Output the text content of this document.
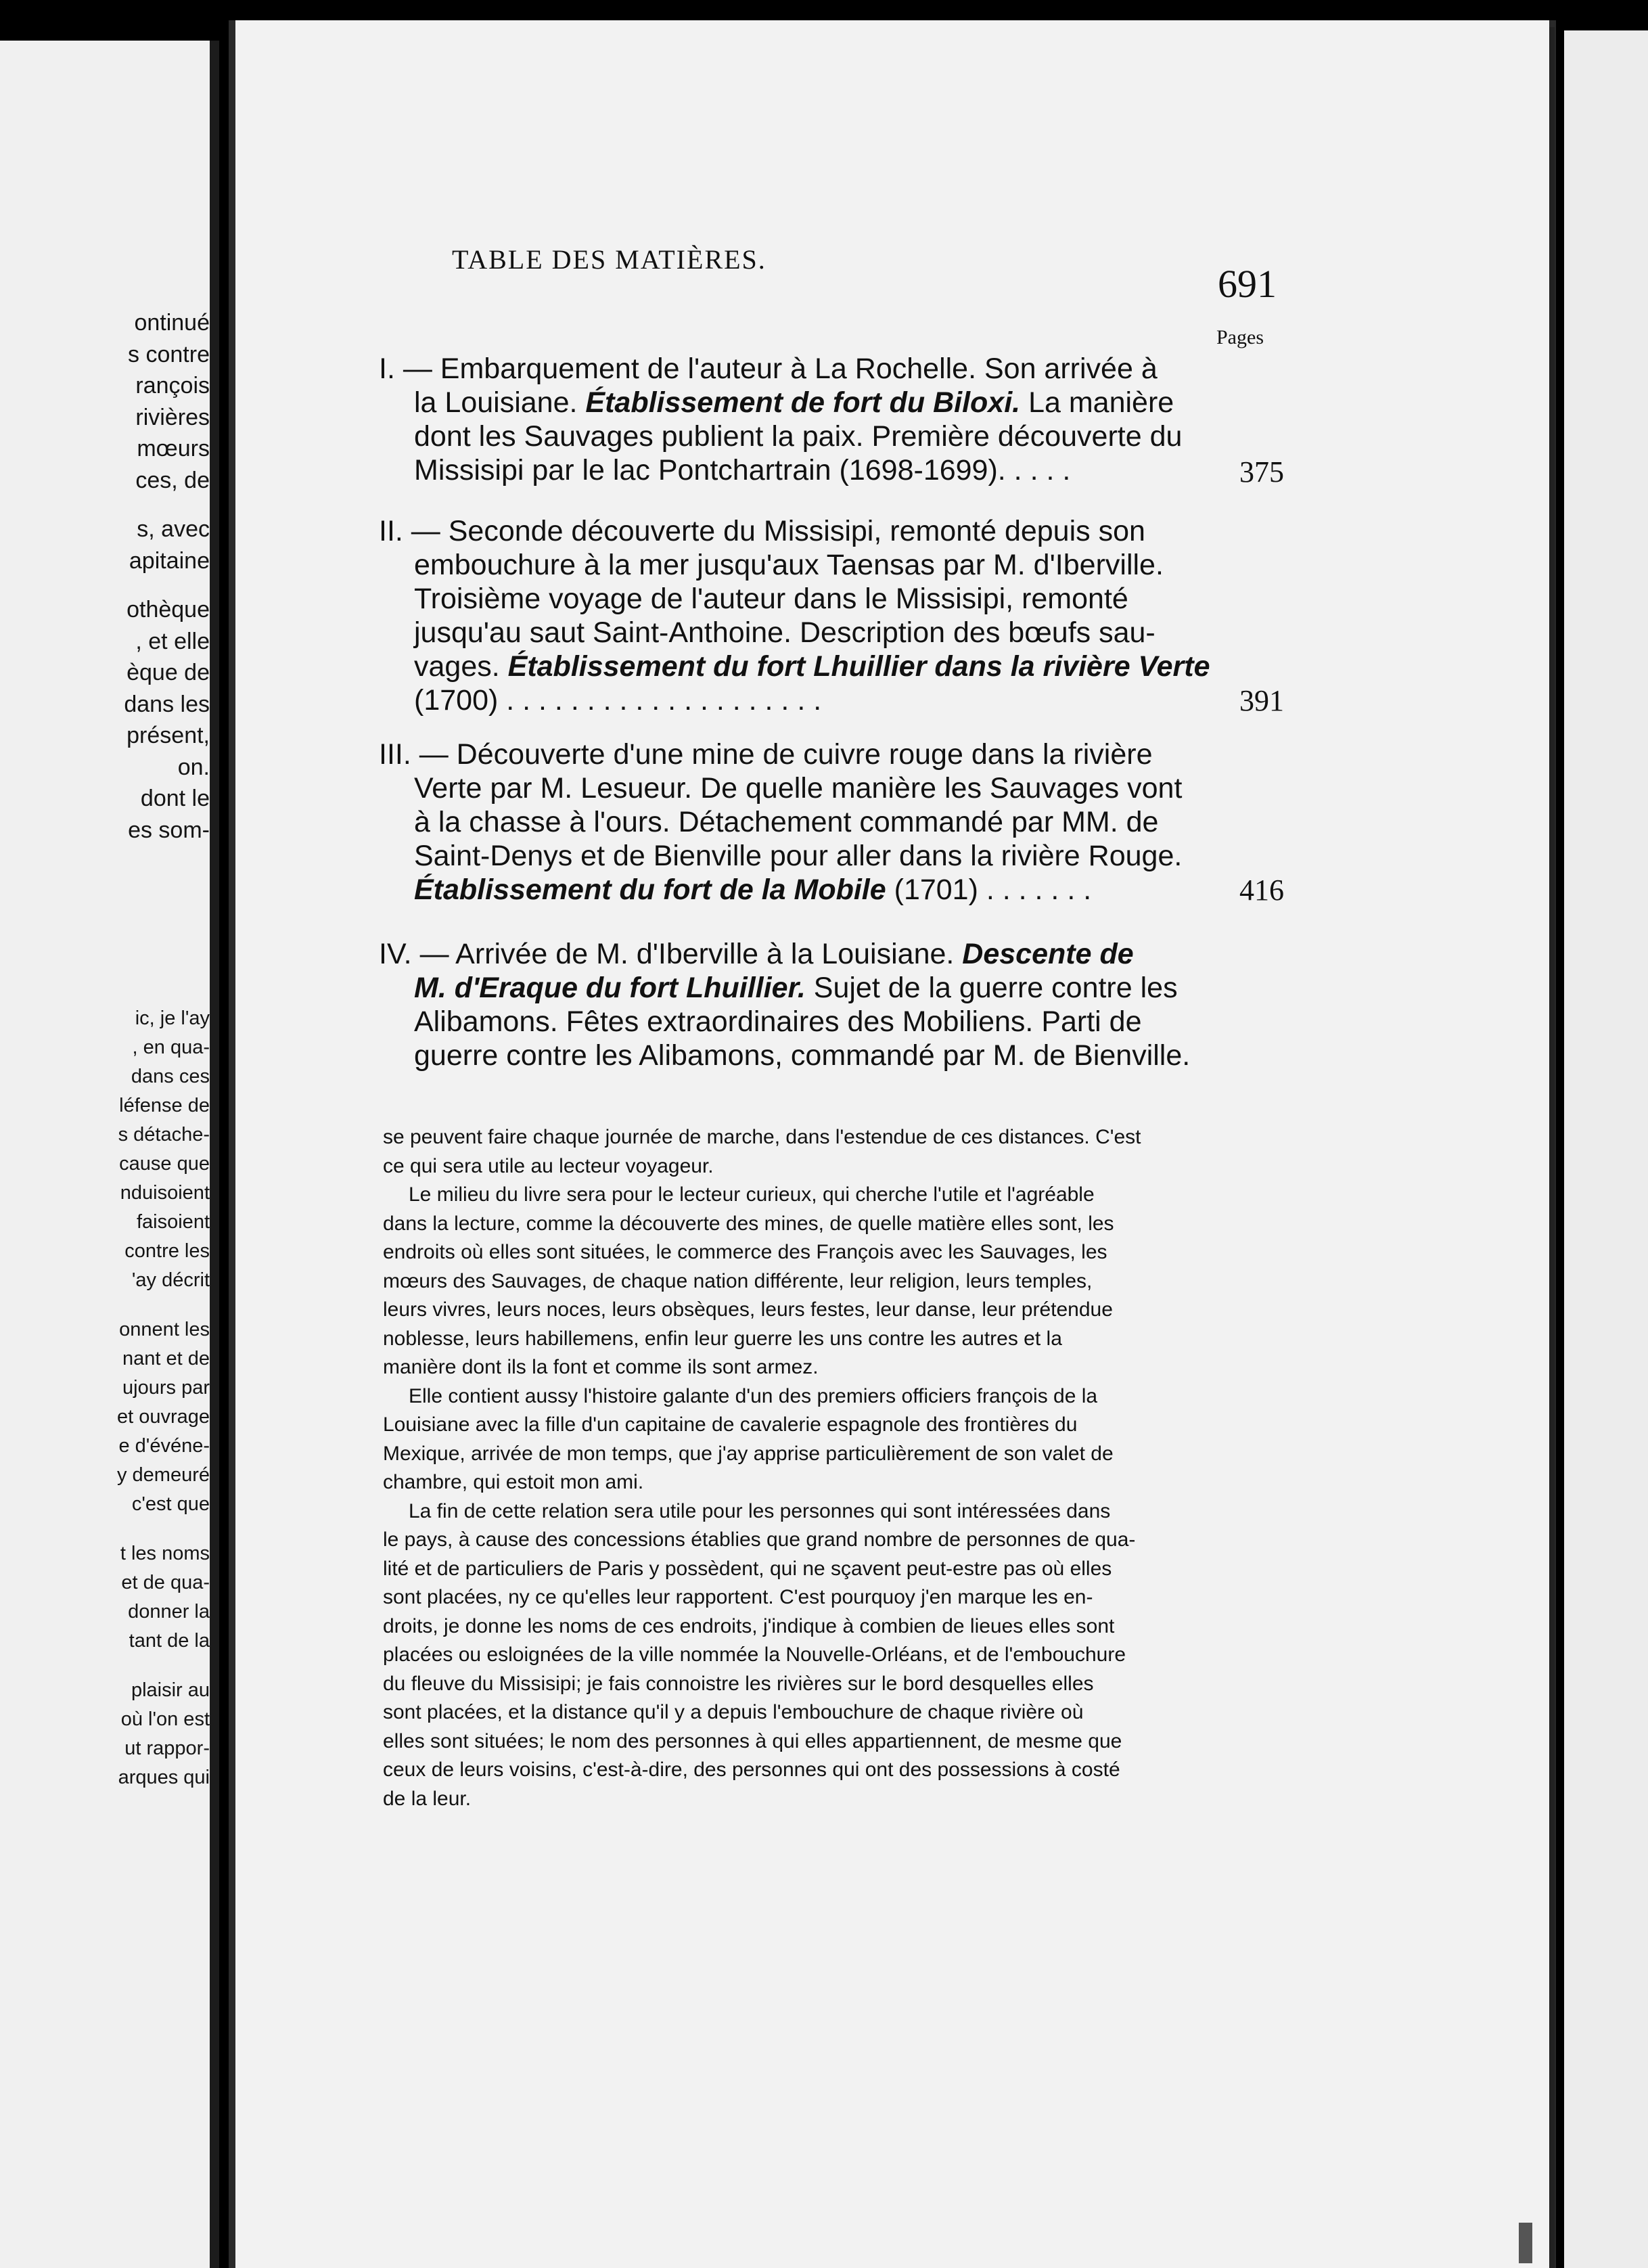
ontinué
s contre
rançois
rivières
mœurs
ces, de
s, avec
apitaine
othèque
, et elle
èque de
dans les
présent,
on.
dont le
es som-
ic, je l'ay
, en qua-
dans ces
léfense de
s détache-
cause que
nduisoient
faisoient
contre les
'ay décrit
onnent les
nant et de
ujours par
et ouvrage
e d'événe-
y demeuré
c'est que
t les noms
et de qua-
donner la
tant de la
plaisir au
où l'on est
ut rappor-
arques qui
TABLE DES MATIÈRES.
691
Pages
I. — Embarquement de l'auteur à La Rochelle. Son arrivée à
la Louisiane. Établissement de fort du Biloxi. La manière
dont les Sauvages publient la paix. Première découverte du
Missisipi par le lac Pontchartrain (1698-1699). . . . .	375
II. — Seconde découverte du Missisipi, remonté depuis son
embouchure à la mer jusqu'aux Taensas par M. d'Iberville.
Troisième voyage de l'auteur dans le Missisipi, remonté
jusqu'au saut Saint-Anthoine. Description des bœufs sau-
vages. Établissement du fort Lhuillier dans la rivière Verte
(1700) . . . . . . . . . . . . . . . . . . . .	391
III. — Découverte d'une mine de cuivre rouge dans la rivière
Verte par M. Lesueur. De quelle manière les Sauvages vont
à la chasse à l'ours. Détachement commandé par MM. de
Saint-Denys et de Bienville pour aller dans la rivière Rouge.
Établissement du fort de la Mobile (1701) . . . . . . .	416
IV. — Arrivée de M. d'Iberville à la Louisiane. Descente de
M. d'Eraque du fort Lhuillier. Sujet de la guerre contre les
Alibamons. Fêtes extraordinaires des Mobiliens. Parti de
guerre contre les Alibamons, commandé par M. de Bienville.
se peuvent faire chaque journée de marche, dans l'estendue de ces distances. C'est
ce qui sera utile au lecteur voyageur.
Le milieu du livre sera pour le lecteur curieux, qui cherche l'utile et l'agréable
dans la lecture, comme la découverte des mines, de quelle matière elles sont, les
endroits où elles sont situées, le commerce des François avec les Sauvages, les
mœurs des Sauvages, de chaque nation différente, leur religion, leurs temples,
leurs vivres, leurs noces, leurs obsèques, leurs festes, leur danse, leur prétendue
noblesse, leurs habillemens, enfin leur guerre les uns contre les autres et la
manière dont ils la font et comme ils sont armez.
Elle contient aussy l'histoire galante d'un des premiers officiers françois de la
Louisiane avec la fille d'un capitaine de cavalerie espagnole des frontières du
Mexique, arrivée de mon temps, que j'ay apprise particulièrement de son valet de
chambre, qui estoit mon ami.
La fin de cette relation sera utile pour les personnes qui sont intéressées dans
le pays, à cause des concessions établies que grand nombre de personnes de qua-
lité et de particuliers de Paris y possèdent, qui ne sçavent peut-estre pas où elles
sont placées, ny ce qu'elles leur rapportent. C'est pourquoy j'en marque les en-
droits, je donne les noms de ces endroits, j'indique à combien de lieues elles sont
placées ou esloignées de la ville nommée la Nouvelle-Orléans, et de l'embouchure
du fleuve du Missisipi; je fais connoistre les rivières sur le bord desquelles elles
sont placées, et la distance qu'il y a depuis l'embouchure de chaque rivière où
elles sont situées; le nom des personnes à qui elles appartiennent, de mesme que
ceux de leurs voisins, c'est-à-dire, des personnes qui ont des possessions à costé
de la leur.
